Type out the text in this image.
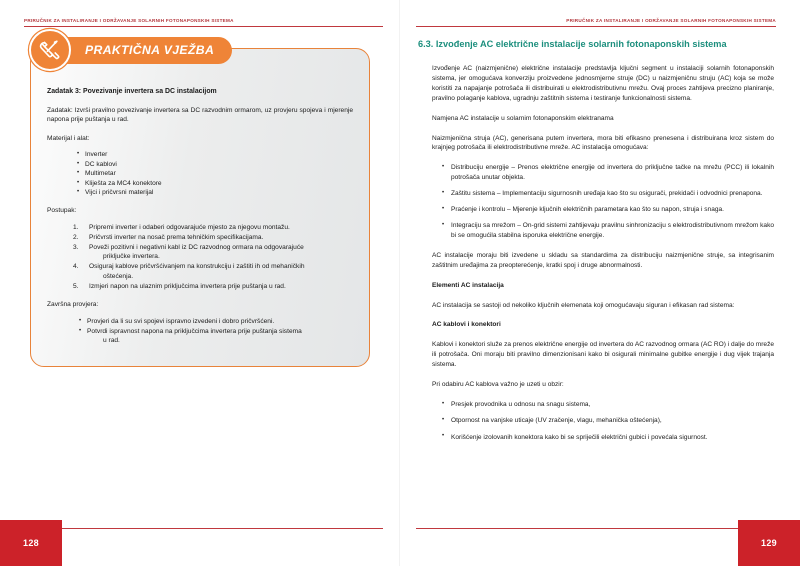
PRIRUČNIK ZA INSTALIRANJE I ODRŽAVANJE SOLARNIH FOTONAPONSKIH SISTEMA
PRAKTIČNA VJEŽBA
Zadatak 3: Povezivanje invertera sa DC instalacijom
Zadatak: Izvrši pravilno povezivanje invertera sa DC razvodnim ormarom, uz provjeru spojeva i mjerenje napona prije puštanja u rad.
Materijal i alat:
• Inverter
• DC kablovi
• Multimetar
• Kliješta za MC4 konektore
• Vijci i pričvrsni materijal
Postupak:
Pripremi inverter i odaberi odgovarajuće mjesto za njegovu montažu.
Pričvrsti inverter na nosač prema tehničkim specifikacijama.
Poveži pozitivni i negativni kabl iz DC razvodnog ormara na odgovarajuće
priključke invertera.
Osiguraj kablove pričvršćivanjem na konstrukciju i zaštiti ih od mehaničkih
oštećenja.
Izmjeri napon na ulaznim priključcima invertera prije puštanja u rad.
Završna provjera:
• Provjeri da li su svi spojevi ispravno izvedeni i dobro pričvršćeni.
• Potvrdi ispravnost napona na priključcima invertera prije puštanja sistema
u rad.
128
PRIRUČNIK ZA INSTALIRANJE I ODRŽAVANJE SOLARNIH FOTONAPONSKIH SISTEMA
6.3. Izvođenje AC električne instalacije solarnih fotonaponskih sistema

Izvođenje AC (naizmjenične) električne instalacije predstavlja ključni segment u instalaciji solarnih fotonaponskih sistema, jer omogućava konverziju proizvedene jednosmjerne struje (DC) u naizmjeničnu struju (AC) koja se može koristiti za napajanje potrošača ili distribuirati u elektrodistributivnu mrežu. Ovaj proces zahtijeva precizno planiranje, pravilno polaganje kablova, ugradnju zaštitnih sistema i testiranje funkcionalnosti sistema.

Namjena AC instalacije u solarnim fotonaponskim elektranama

Naizmjenična struja (AC), generisana putem invertera, mora biti efikasno prenesena i distribuirana kroz sistem do krajnjeg potrošača ili elektrodistributivne mreže. AC instalacija omogućava:

• Distribuciju energije – Prenos električne energije od invertera do priključne tačke na mrežu (PCC) ili lokalnih potrošača unutar objekta.
• Zaštitu sistema – Implementaciju sigurnosnih uređaja kao što su osigurači, prekidači i odvodnici prenapona.
• Praćenje i kontrolu – Mjerenje ključnih električnih parametara kao što su napon, struja i snaga.
• Integraciju sa mrežom – On-grid sistemi zahtijevaju pravilnu sinhronizaciju s elektrodistributivnom mrežom kako bi se omogućila stabilna isporuka električne energije.

AC instalacije moraju biti izvedene u skladu sa standardima za distribuciju naizmjenične struje, sa integrisanim zaštitnim uređajima za preopterećenje, kratki spoj i druge abnormalnosti.

Elementi AC instalacija

AC instalacija se sastoji od nekoliko ključnih elemenata koji omogućavaju siguran i efikasan rad sistema:

AC kablovi i konektori

Kablovi i konektori služe za prenos električne energije od invertera do AC razvodnog ormara (AC RO) i dalje do mreže ili potrošača. Oni moraju biti pravilno dimenzionisani kako bi osigurali minimalne gubitke energije i dug vijek trajanja sistema.

Pri odabiru AC kablova važno je uzeti u obzir:

• Presjek provodnika u odnosu na snagu sistema,
• Otpornost na vanjske uticaje (UV zračenje, vlagu, mehanička oštećenja),
• Korišćenje izolovanih konektora kako bi se spriječili električni gubici i povećala sigurnost.
129
